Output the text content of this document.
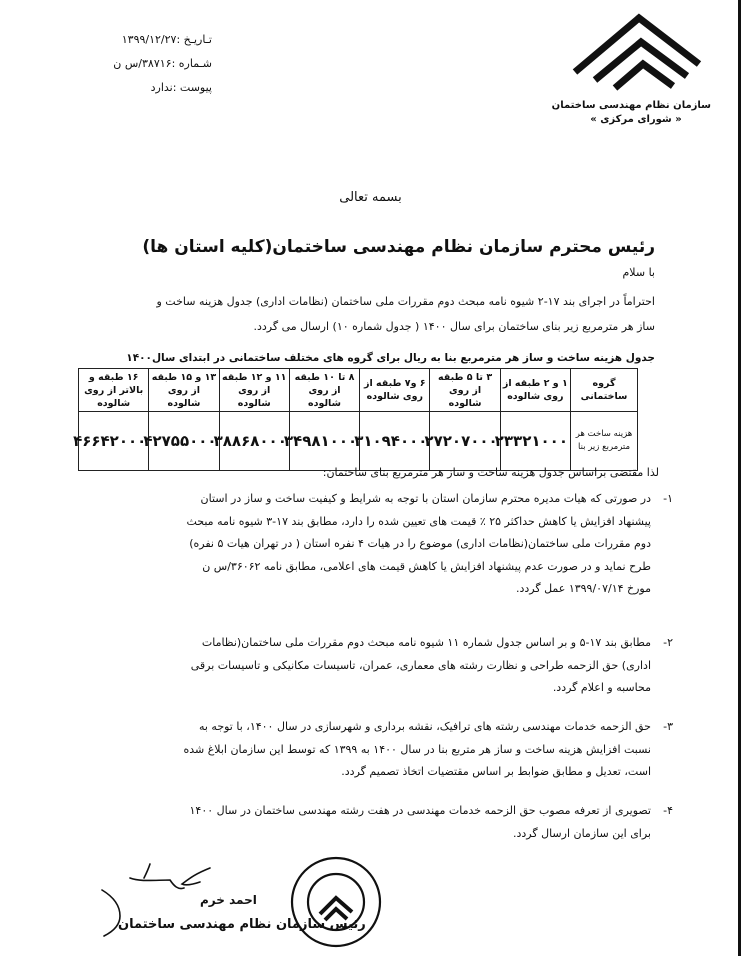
تـاریـخ :۱۳۹۹/۱۲/۲۷
شـماره :۳۸۷۱۶/س ن
پیوست :ندارد
سازمان نظام مهندسی ساختمان
« شورای مرکزی »
بسمه تعالی
رئیس محترم سازمان نظام مهندسی ساختمان(کلیه استان ها)
با سلام
احتراماً در اجرای بند ۱۷-۲ شیوه نامه مبحث دوم مقررات ملی ساختمان (نظامات اداری) جدول هزینه ساخت و
ساز هر مترمربع زیر بنای ساختمان برای سال ۱۴۰۰ ( جدول شماره ۱۰) ارسال می گردد.
جدول هزینه ساخت و ساز هر مترمربع بنا به ریال برای گروه های مختلف ساختمانی در ابتدای سال۱۴۰۰
گروه ساختمانی	۱ و ۲ طبقه از روی شالوده	۳ تا ۵ طبقه از روی شالوده	۶ و۷ طبقه از روی شالوده	۸ تا ۱۰ طبقه از روی شالوده	۱۱ و ۱۲ طبقه از روی شالوده	۱۳ و ۱۵ طبقه از روی شالوده	۱۶ طبقه و بالاتر از روی شالوده
هزینه ساخت هر مترمربع زیر بنا	۲۳۳۲۱۰۰۰	۲۷۲۰۷۰۰۰	۳۱۰۹۴۰۰۰	۳۴۹۸۱۰۰۰	۳۸۸۶۸۰۰۰	۴۲۷۵۵۰۰۰	۴۶۶۴۲۰۰۰
لذا مقتضی براساس جدول هزینه ساخت و ساز هر مترمربع بنای ساختمان:
۱-
در صورتی که هیات مدیره محترم سازمان استان با توجه به شرایط و کیفیت ساخت و ساز در استان
پیشنهاد افزایش یا کاهش حداکثر ۲۵ ٪ قیمت های تعیین شده را دارد، مطابق بند ۱۷-۳ شیوه نامه مبحث
دوم مقررات ملی ساختمان(نظامات اداری) موضوع را در هیات ۴ نفره استان ( در تهران هیات ۵ نفره)
طرح نماید و در صورت عدم پیشنهاد افزایش یا کاهش قیمت های اعلامی، مطابق نامه ۳۶۰۶۲/س ن
مورخ ۱۳۹۹/۰۷/۱۴ عمل گردد.
۲-
مطابق بند ۱۷-۵ و بر اساس جدول شماره ۱۱ شیوه نامه مبحث دوم مقررات ملی ساختمان(نظامات
اداری) حق الزحمه طراحی و نظارت رشته های معماری، عمران، تاسیسات مکانیکی و تاسیسات برقی
محاسبه و اعلام گردد.
۳-
حق الزحمه خدمات مهندسی رشته های ترافیک، نقشه برداری و شهرسازی در سال ۱۴۰۰، با توجه به
نسبت افزایش هزینه ساخت و ساز هر متربع بنا در سال ۱۴۰۰ به ۱۳۹۹ که توسط این سازمان ابلاغ شده
است، تعدیل و مطابق ضوابط بر اساس مقتضیات اتخاذ تصمیم گردد.
۴-
تصویری از تعرفه مصوب حق الزحمه خدمات مهندسی در هفت رشته مهندسی ساختمان در سال ۱۴۰۰
برای این سازمان ارسال گردد.
احمد خرم
رئیس سازمان نظام مهندسی ساختمان
